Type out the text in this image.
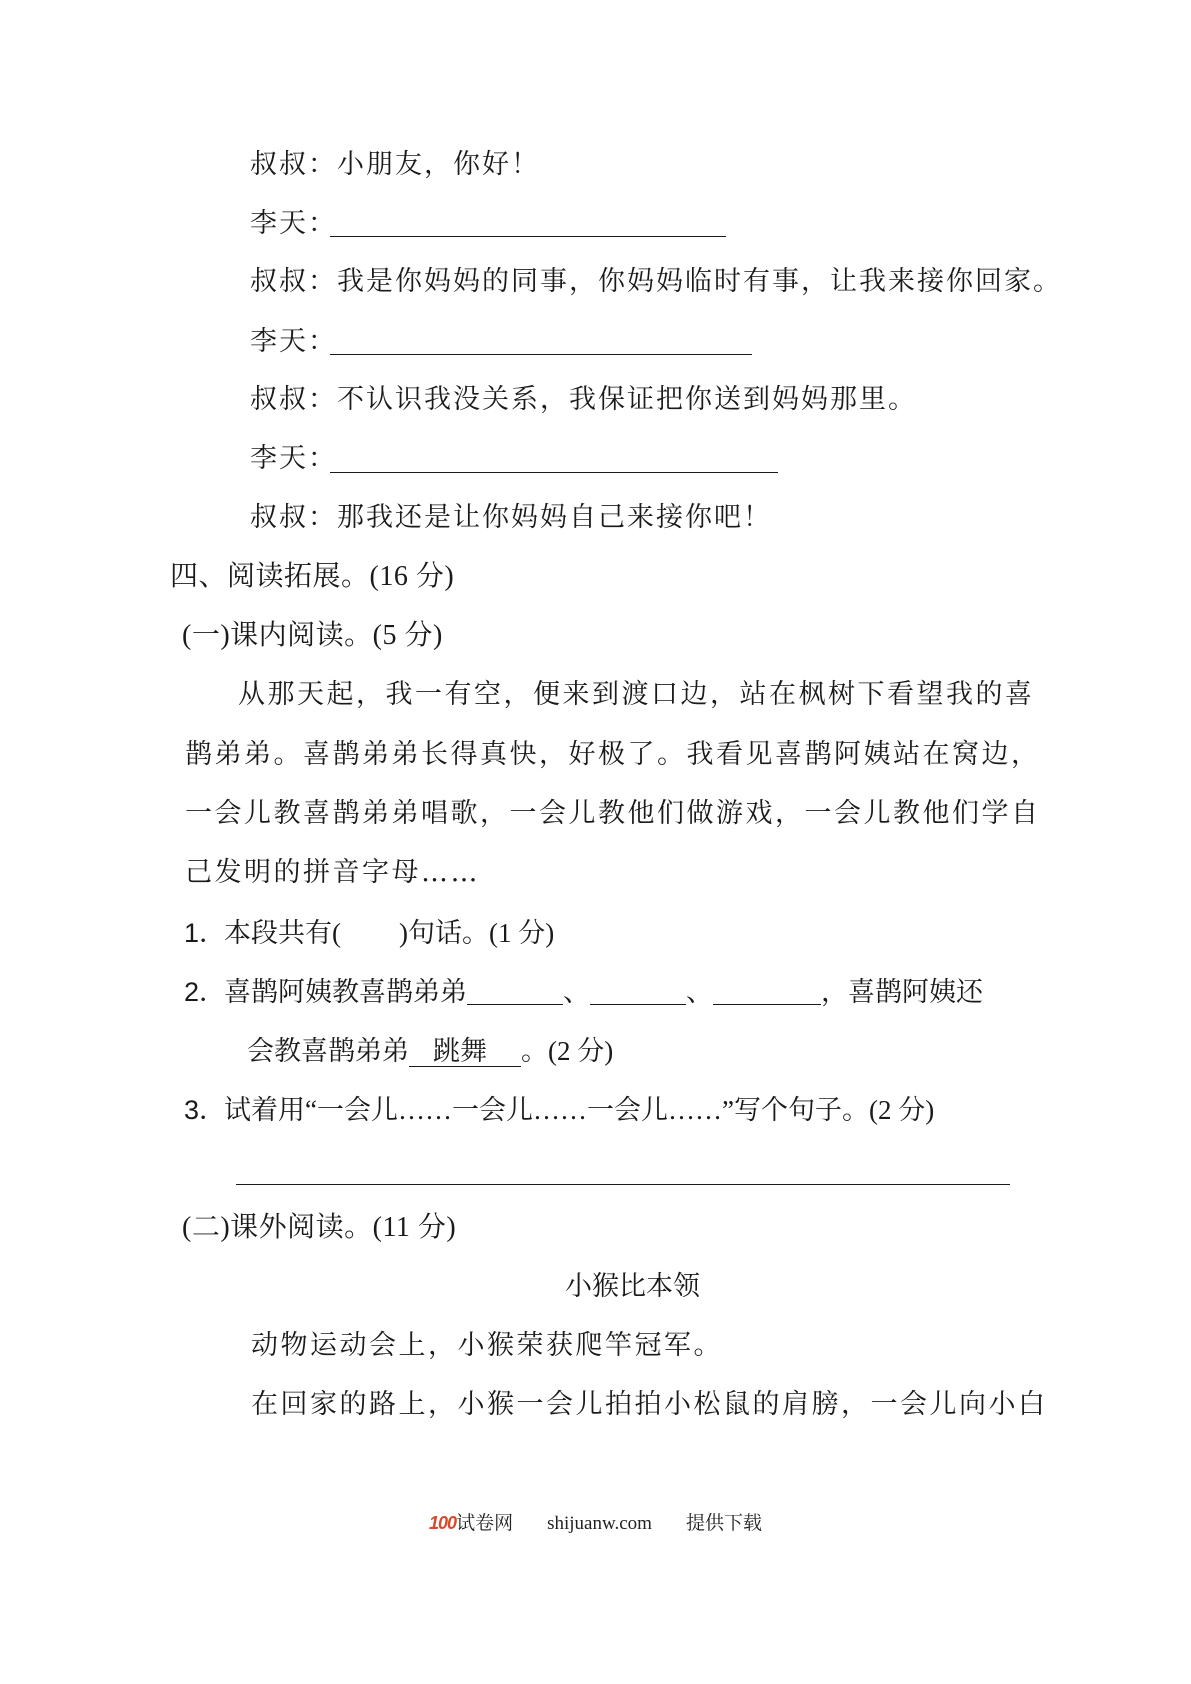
叔叔：小朋友，你好！
李天：
叔叔：我是你妈妈的同事，你妈妈临时有事，让我来接你回家。
李天：
叔叔：不认识我没关系，我保证把你送到妈妈那里。
李天：
叔叔：那我还是让你妈妈自己来接你吧！
四、阅读拓展。(16 分)
(一)课内阅读。(5 分)
从那天起，我一有空，便来到渡口边，站在枫树下看望我的喜
鹊弟弟。喜鹊弟弟长得真快，好极了。我看见喜鹊阿姨站在窝边，
一会儿教喜鹊弟弟唱歌，一会儿教他们做游戏，一会儿教他们学自
己发明的拼音字母……
1．本段共有( )句话。(1 分)
2．喜鹊阿姨教喜鹊弟弟	、	、	，喜鹊阿姨还
会教喜鹊弟弟 跳舞 。(2 分)
3．试着用“一会儿……一会儿……一会儿……”写个句子。(2 分)
(二)课外阅读。(11 分)
小猴比本领
动物运动会上，小猴荣获爬竿冠军。
在回家的路上，小猴一会儿拍拍小松鼠的肩膀，一会儿向小白
100试卷网 shijuanw.com 提供下载
